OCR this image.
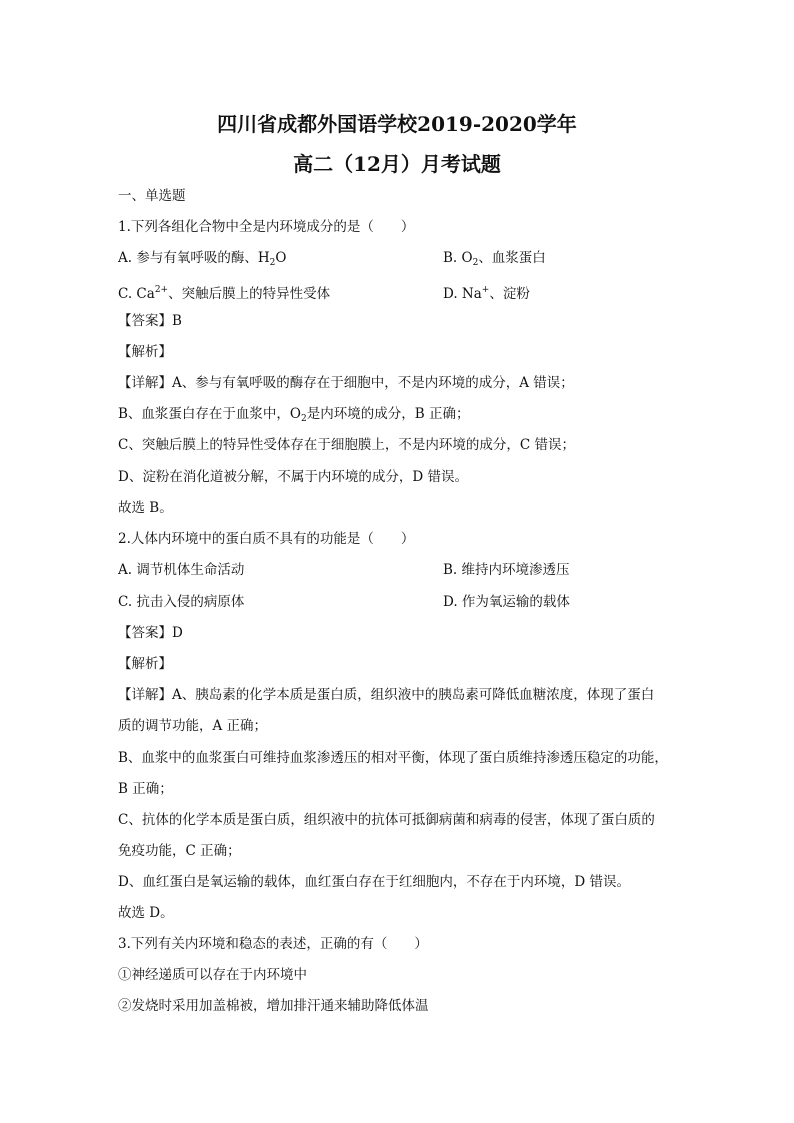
四川省成都外国语学校2019-2020学年
高二（12月）月考试题
一、单选题
1.下列各组化合物中全是内环境成分的是（　　）
A. 参与有氧呼吸的酶、$H_2O$	B. $O_2$、血浆蛋白
C. $Ca^{2+}$、突触后膜上的特异性受体	D. Na+、淀粉
【答案】B
【解析】
【详解】A、参与有氧呼吸的酶存在于细胞中，不是内环境的成分，A 错误；
B、血浆蛋白存在于血浆中，$O_2$是内环境的成分，B 正确；
C、突触后膜上的特异性受体存在于细胞膜上，不是内环境的成分，C 错误；
D、淀粉在消化道被分解，不属于内环境的成分，D 错误。
故选 B。
2.人体内环境中的蛋白质不具有的功能是（　　）
A. 调节机体生命活动	B. 维持内环境渗透压
C. 抗击入侵的病原体	D. 作为氧运输的载体
【答案】D
【解析】
【详解】A、胰岛素的化学本质是蛋白质，组织液中的胰岛素可降低血糖浓度，体现了蛋白
质的调节功能，A 正确；
B、血浆中的血浆蛋白可维持血浆渗透压的相对平衡，体现了蛋白质维持渗透压稳定的功能，
B 正确；
C、抗体的化学本质是蛋白质，组织液中的抗体可抵御病菌和病毒的侵害，体现了蛋白质的
免疫功能，C 正确；
D、血红蛋白是氧运输的载体，血红蛋白存在于红细胞内，不存在于内环境，D 错误。
故选 D。
3.下列有关内环境和稳态的表述，正确的有（　　）
①神经递质可以存在于内环境中
②发烧时采用加盖棉被，增加排汗通来辅助降低体温
